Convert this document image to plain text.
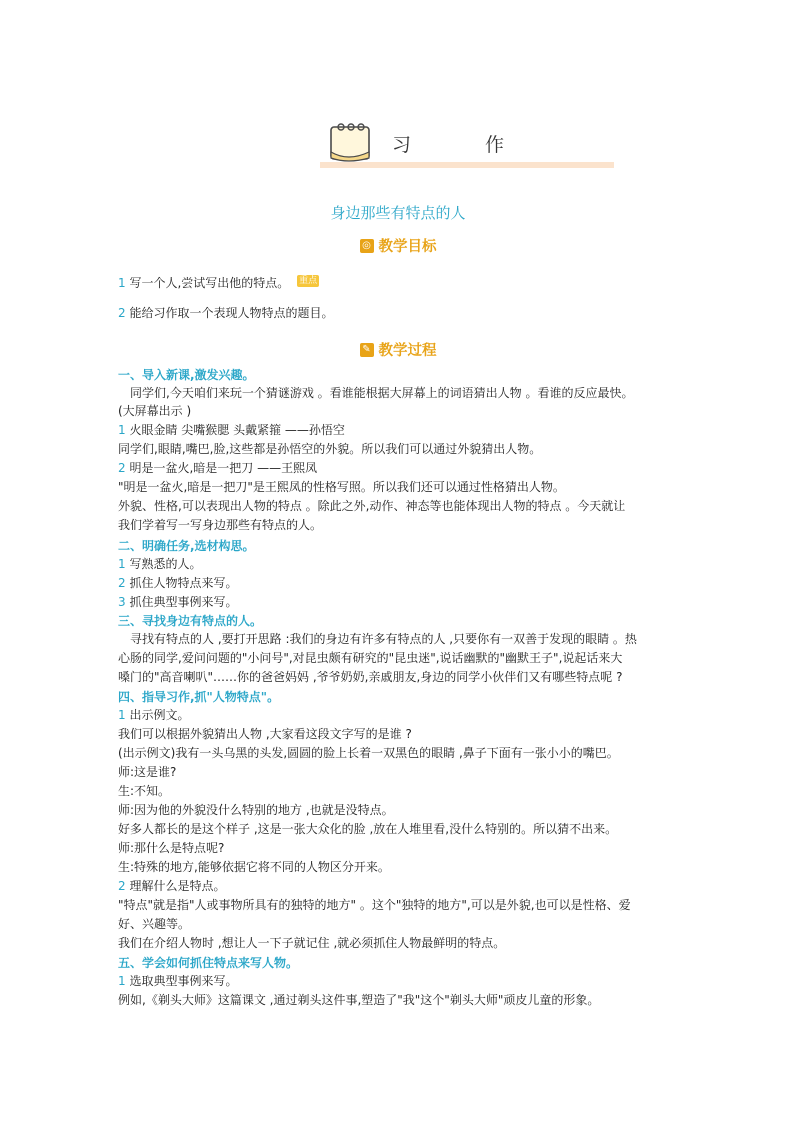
习 作
身边那些有特点的人
◎ 教学目标
1 写一个人,尝试写出他的特点。 重点
2 能给习作取一个表现人物特点的题目。
✎ 教学过程
一、导入新课,激发兴趣。
同学们,今天咱们来玩一个猜谜游戏 。看谁能根据大屏幕上的词语猜出人物 。看谁的反应最快。
(大屏幕出示 )
1 火眼金睛 尖嘴猴腮 头戴紧箍 ——孙悟空
同学们,眼睛,嘴巴,脸,这些都是孙悟空的外貌。所以我们可以通过外貌猜出人物。
2 明是一盆火,暗是一把刀 ——王熙凤
"明是一盆火,暗是一把刀"是王熙凤的性格写照。所以我们还可以通过性格猜出人物。
外貌、性格,可以表现出人物的特点 。除此之外,动作、神态等也能体现出人物的特点 。今天就让
我们学着写一写身边那些有特点的人。
二、明确任务,选材构思。
1 写熟悉的人。
2 抓住人物特点来写。
3 抓住典型事例来写。
三、寻找身边有特点的人。
寻找有特点的人 ,要打开思路 :我们的身边有许多有特点的人 ,只要你有一双善于发现的眼睛 。热
心肠的同学,爱问问题的"小问号",对昆虫颇有研究的"昆虫迷",说话幽默的"幽默王子",说起话来大
嗓门的"高音喇叭"……你的爸爸妈妈 ,爷爷奶奶,亲戚朋友,身边的同学小伙伴们又有哪些特点呢 ?
四、指导习作,抓"人物特点"。
1 出示例文。
我们可以根据外貌猜出人物 ,大家看这段文字写的是谁 ?
(出示例文)我有一头乌黑的头发,圆圆的脸上长着一双黑色的眼睛 ,鼻子下面有一张小小的嘴巴。
师:这是谁?
生:不知。
师:因为他的外貌没什么特别的地方 ,也就是没特点。
好多人都长的是这个样子 ,这是一张大众化的脸 ,放在人堆里看,没什么特别的。所以猜不出来。
师:那什么是特点呢?
生:特殊的地方,能够依据它将不同的人物区分开来。
2 理解什么是特点。
"特点"就是指"人或事物所具有的独特的地方" 。这个"独特的地方",可以是外貌,也可以是性格、爱
好、兴趣等。
我们在介绍人物时 ,想让人一下子就记住 ,就必须抓住人物最鲜明的特点。
五、学会如何抓住特点来写人物。
1 选取典型事例来写。
例如,《剃头大师》这篇课文 ,通过剃头这件事,塑造了"我"这个"剃头大师"顽皮儿童的形象。
